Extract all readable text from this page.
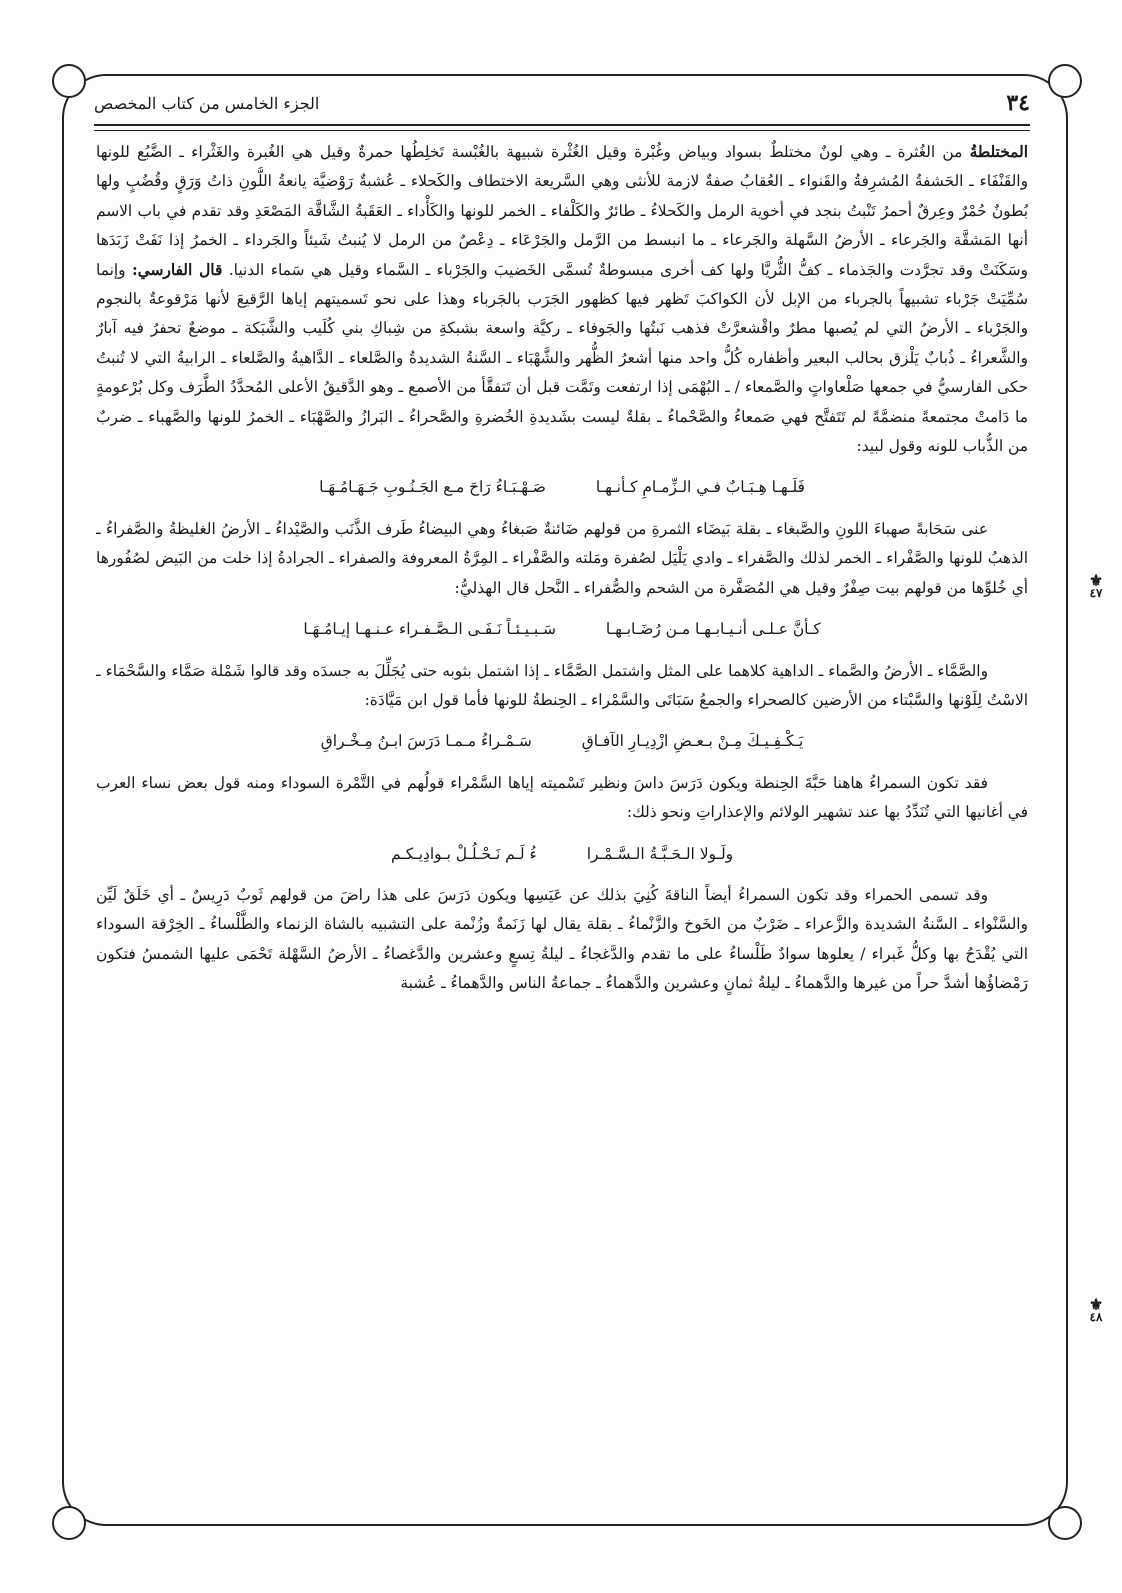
٣٤
الجزء الخامس من كتاب المخصص
⚜
٤٧
⚜
٤٨

المختلطةُ من الغُثرة ـ وهي لونٌ مختلطٌ بسواد وبياض وغُبْرة وقيل الغُثْرة شبيهة بالغُبْسة تَخلِطُها حمرةٌ وقيل هي الغُبرة والغَثْراء ـ الضَّبُع للونها والقَنْفَاء ـ الحَشفةُ المُشرِفةُ والقَنواء ـ العُقابُ صفةٌ لازمة للأنثى وهي السَّريعة الاختطاف والكَحلاء ـ عُشبةٌ رَوْضيَّة يانعةُ اللَّونِ ذاتُ وَرَقٍ وقُضُبٍ ولها بُطونٌ حُمْرٌ وعِرقٌ أحمرُ تَنْبتُ بنجد في أخوية الرمل والكَحلاءُ ـ طائرٌ والكَلْفاء ـ الخمر للونها والكَأْداء ـ العَقَبةُ الشَّاقَّة المَصْعَدِ وقد تقدم في باب الاسم أنها المَشقَّة والجَرعاء ـ الأرضُ السَّهلة والجَرعاء ـ ما انبسط من الرَّمل والجَرْعَاء ـ دِعْصٌ من الرمل لا يُنبتُ شَيئاً والجَرداء ـ الخمرُ إذا نَفَتْ زَبَدَها وسَكَنَتْ وقد تجرَّدت والجَذماء ـ كفُّ الثُّريَّا ولها كف أخرى مبسوطةٌ تُسمَّى الخَضيبَ والجَرْباء ـ السَّماء وقيل هي سَماء الدنيا. قال الفارسي: وإنما سُمِّيَتْ جَرْباء تشبيهاً بالجرباء من الإبل لأن الكواكبَ تَظهر فيها كظهور الجَرَب بالجَرباء وهذا على نحو تَسميتهم إياها الرَّقيعَ لأنها مَرْقوعةٌ بالنجوم والجَرْباء ـ الأرضُ التي لم يُصبها مطرٌ واقْشعرَّتْ فذهب نَبتُها والجَوفاء ـ ركيَّة واسعة بشبكةِ من شِباكِ بني كُلَيب والشَّبَكة ـ موضعٌ تحفرُ فيه آبارٌ والشَّعراءُ ـ ذُبابٌ يَلْزق بحالب البعير وأظفاره كُلُّ واحد منها أشعرُ الظُّهر والشَّهْبَاء ـ السَّنةُ الشديدةُ والصَّلعاء ـ الدَّاهيةُ والصَّلعاء ـ الرابيةُ التي لا تُنبتُ حكى الفارسيُّ في جمعها صَلْعاواتٍ والصَّمعاء / ـ البُهْمَى إذا ارتفعت وتَمَّت قبل أن تَتفقَّأ من الأصمع ـ وهو الدَّقيقُ الأعلى المُحدَّدُ الطَّرَف وكل بُرْعومةٍ ما دَامتْ مجتمعةً منضمَّةً لم تَتَفتَّح فهي صَمعاءُ والصَّحْماءُ ـ بقلةٌ ليست بشَديدةِ الخُضرةِ والصَّحراءُ ـ البَرازُ والصَّهْبَاء ـ الخمرُ للونها والصَّهباء ـ ضربٌ من الذُّباب للونه وقول لبيد:

فَلَـهـا هِـبَـابٌ فـي الـزِّمـامِ كـأنـهـا
صَـهْـبَـاءُ رَاحَ مـع الجَـنُـوبِ جَـهَـامُـهَـا

عنى سَحَابةً صهباءَ اللونِ والصَّبغاء ـ بقلة بَيضَاء الثمرةِ من قولهم ضَائنةٌ صَبغاءُ وهي البيضاءُ طَرف الذَّنَب والصَّيْداءُ ـ الأرضُ الغليظةُ والصَّفراءُ ـ الذهبُ للونها والصَّفْراء ـ الخمر لذلك والصَّفراء ـ وادي يَلْيَل لصُفرة ومَلته والصَّفْراء ـ المِرَّةُ المعروفة والصفراء ـ الجرادةُ إذا خلت من البَيض لصُفُورها أي خُلوِّها من قولهم بيت صِفْرٌ وقيل هي المُصَفَّرة من الشحم والصُّفراء ـ النَّحل قال الهذليُّ:

كـأنَّ عـلـى أنـيـابـهـا مـن رُضَـابـهـا
سَـبـيـئـاً نَـفَـى الـصَّـفـراء عـنـهـا إيـامُـهَـا

والصَّمَّاء ـ الأرضُ والصَّماء ـ الداهية كلاهما على المثل واشتمل الصَّمَّاء ـ إذا اشتمل بثوبه حتى يُجَلِّلَ به جسدَه وقد قالوا شَمْلة صَمَّاء والسَّحْمَاء ـ الاسْتُ لِلَوْنها والسَّبْتاء من الأرضين كالصحراء والجمعُ سَبَاتَى والسَّمْراء ـ الحِنطةُ للونها فأما قول ابن مَيَّادَة:

يَـكْـفِـيـكَ مِـنْ بـعـضِ ازْدِيـارِ الآفـاقِ
سَـمْـراءُ مـمـا دَرَسَ ابـنُ مِـخْـراقِ

فقد تكون السمراءُ هاهنا حَبَّةَ الحِنطة ويكون دَرَسَ داسَ ونظير تَسْميته إياها السَّمْراء قولُهم في التَّمْرة السوداء ومنه قول بعض نساء العرب في أغانيها التي تُنَدِّدُ بها عند تشهير الولائم والإعذاراتِ ونحو ذلك:

ولَـولا الـحَـبَّـةُ الـسَّـمْـرا
ءُ لَـم نَـحْـلُـلْ بـوادِيـكـم

وقد تسمى الحمراء وقد تكون السمراءُ أيضاً الناقةَ كُنِيَ بذلك عن عَيَسِها ويكون دَرَسَ على هذا راضَ من قولهم ثَوبٌ دَرِيسٌ ـ أي خَلَقٌ لَيِّن والسَّنْواء ـ السَّنةُ الشديدة والزَّعراء ـ ضَرْبٌ من الخَوخ والزَّنْماءُ ـ بقلة يقال لها زَنَمةٌ وزُنْمة على التشبيه بالشاة الزنماء والطَّلْساءُ ـ الخِرْقة السوداء التي يُقْدَحُ بها وكلُّ غَبراء / يعلوها سوادٌ طَلْساءُ على ما تقدم والدَّغجاءُ ـ ليلةُ تِسعٍ وعشرين والدَّغصاءُ ـ الأرضُ السَّهْلة تَحْمَى عليها الشمسُ فتكون رَمْضاؤُها أشدَّ حراً من غيرها والدَّهماءُ ـ ليلةُ ثمانٍ وعشرين والدَّهماءُ ـ جماعةُ الناس والدَّهماءُ ـ عُشبة
